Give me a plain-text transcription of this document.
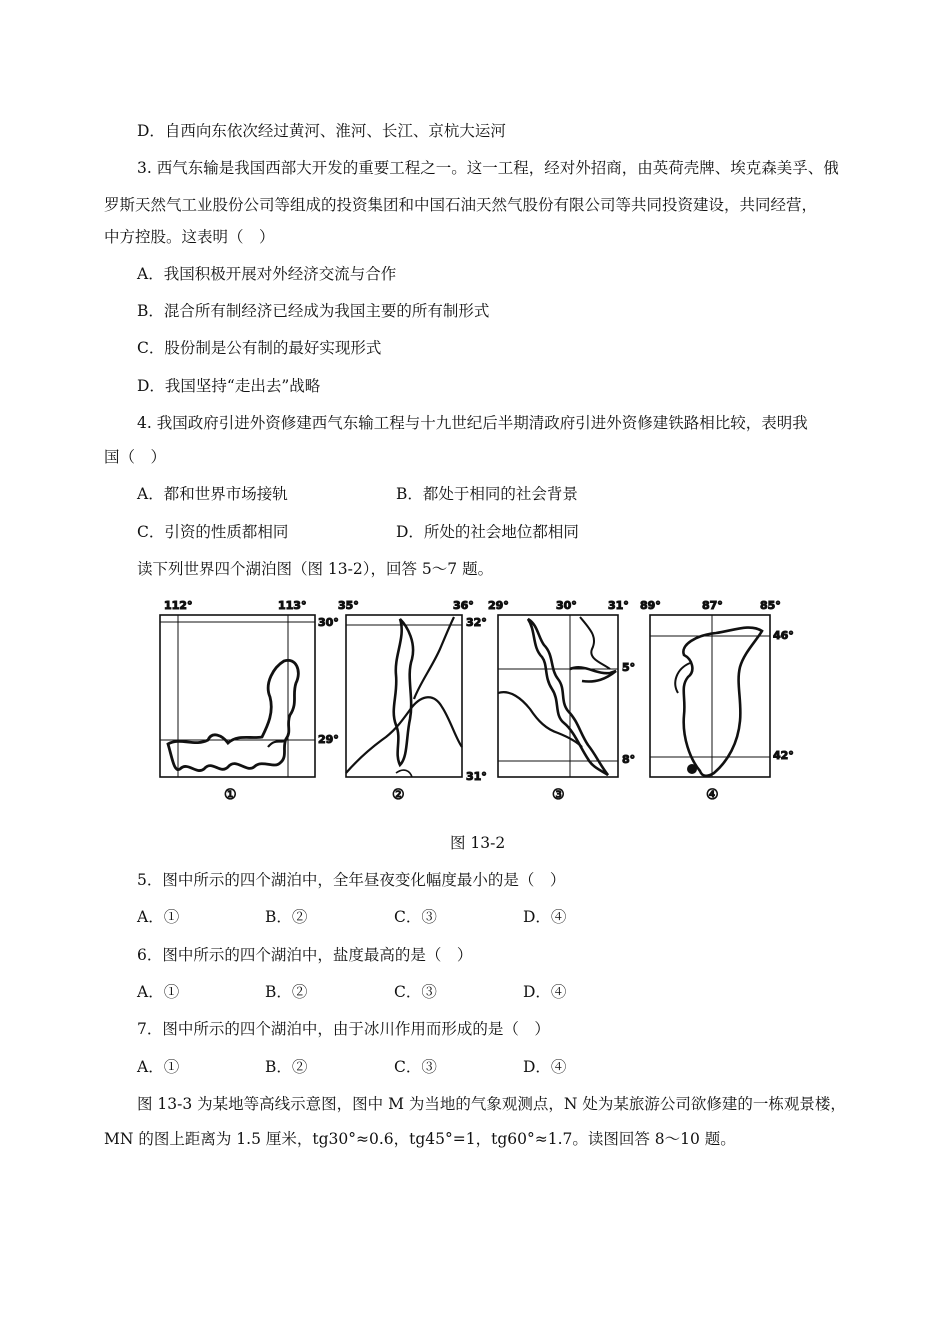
D．自西向东依次经过黄河、淮河、长江、京杭大运河
3. 西气东输是我国西部大开发的重要工程之一。这一工程，经对外招商，由英荷壳牌、埃克森美孚、俄
罗斯天然气工业股份公司等组成的投资集团和中国石油天然气股份有限公司等共同投资建设，共同经营，
中方控股。这表明（　）
A．我国积极开展对外经济交流与合作
B．混合所有制经济已经成为我国主要的所有制形式
C．股份制是公有制的最好实现形式
D．我国坚持“走出去”战略
4. 我国政府引进外资修建西气东输工程与十九世纪后半期清政府引进外资修建铁路相比较，表明我
国（　）
A．都和世界市场接轨	B．都处于相同的社会背景
C．引资的性质都相同	D．所处的社会地位都相同
读下列世界四个湖泊图（图 13-2），回答 5～7 题。
112°	113°
30°
29°
①
35°	36°
32°
31°
②
29°	30°	31°
5°
8°
③
89°	87°	85°
46°
42°
④
图 13-2
5．图中所示的四个湖泊中，全年昼夜变化幅度最小的是（　）
A．①	B．②	C．③	D．④
6．图中所示的四个湖泊中，盐度最高的是（　）
A．①	B．②	C．③	D．④
7．图中所示的四个湖泊中，由于冰川作用而形成的是（　）
A．①	B．②	C．③	D．④
图 13-3 为某地等高线示意图，图中 M 为当地的气象观测点，N 处为某旅游公司欲修建的一栋观景楼，
MN 的图上距离为 1.5 厘米，tg30°≈0.6，tg45°=1，tg60°≈1.7。读图回答 8～10 题。
